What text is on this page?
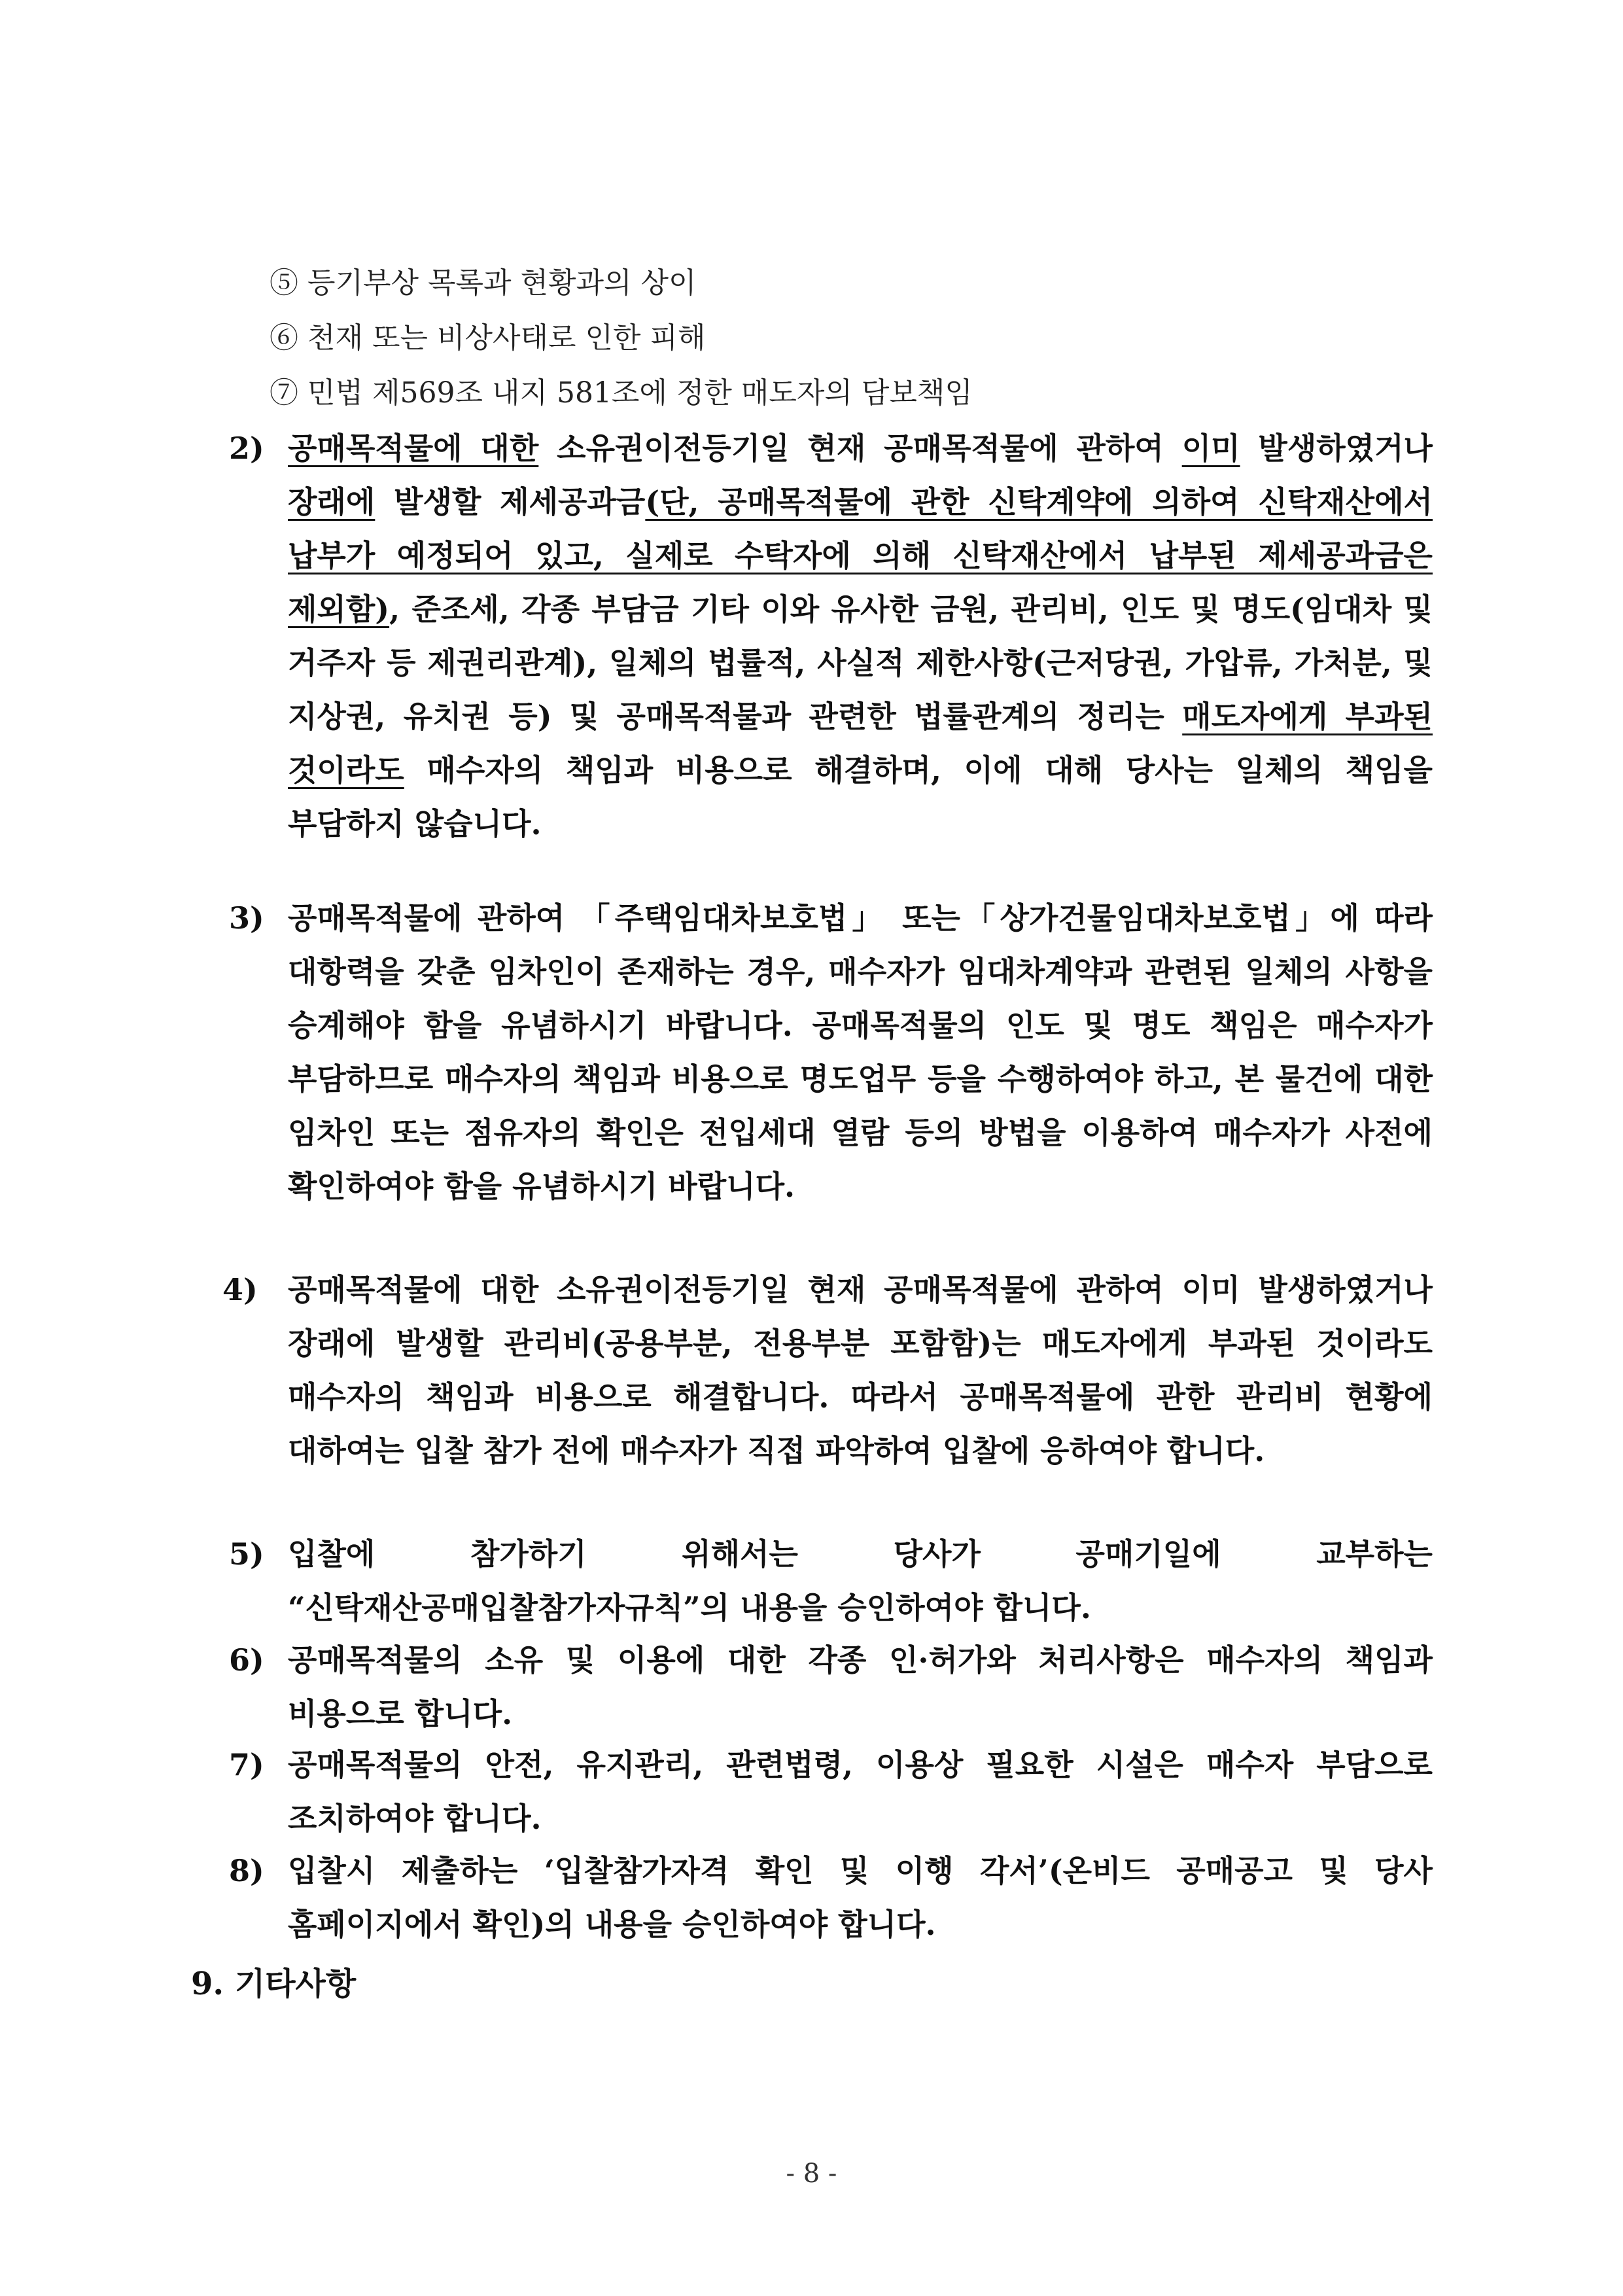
⑤ 등기부상 목록과 현황과의 상이
⑥ 천재 또는 비상사태로 인한 피해
⑦ 민법 제569조 내지 581조에 정한 매도자의 담보책임
2) 공매목적물에 대한 소유권이전등기일 현재 공매목적물에 관하여 이미 발생하였거나 장래에 발생할 제세공과금(단, 공매목적물에 관한 신탁계약에 의하여 신탁재산에서 납부가 예정되어 있고, 실제로 수탁자에 의해 신탁재산에서 납부된 제세공과금은 제외함), 준조세, 각종 부담금 기타 이와 유사한 금원, 관리비, 인도 및 명도(임대차 및 거주자 등 제권리관계), 일체의 법률적, 사실적 제한사항(근저당권, 가압류, 가처분, 및 지상권, 유치권 등) 및 공매목적물과 관련한 법률관계의 정리는 매도자에게 부과된 것이라도 매수자의 책임과 비용으로 해결하며, 이에 대해 당사는 일체의 책임을 부담하지 않습니다.
3) 공매목적물에 관하여 「주택임대차보호법」 또는「상가건물임대차보호법」에 따라 대항력을 갖춘 임차인이 존재하는 경우, 매수자가 임대차계약과 관련된 일체의 사항을 승계해야 함을 유념하시기 바랍니다. 공매목적물의 인도 및 명도 책임은 매수자가 부담하므로 매수자의 책임과 비용으로 명도업무 등을 수행하여야 하고, 본 물건에 대한 임차인 또는 점유자의 확인은 전입세대 열람 등의 방법을 이용하여 매수자가 사전에 확인하여야 함을 유념하시기 바랍니다.
4)	공매목적물에 대한 소유권이전등기일 현재 공매목적물에 관하여 이미 발생하였거나 장래에 발생할 관리비(공용부분, 전용부분 포함함)는 매도자에게 부과된 것이라도 매수자의 책임과 비용으로 해결합니다. 따라서 공매목적물에 관한 관리비 현황에 대하여는 입찰 참가 전에 매수자가 직접 파악하여 입찰에 응하여야 합니다.
5) 입찰에 참가하기 위해서는 당사가 공매기일에 교부하는 “신탁재산공매입찰참가자규칙”의 내용을 승인하여야 합니다.
6) 공매목적물의 소유 및 이용에 대한 각종 인·허가와 처리사항은 매수자의 책임과 비용으로 합니다.
7) 공매목적물의 안전, 유지관리, 관련법령, 이용상 필요한 시설은 매수자 부담으로 조치하여야 합니다.
8) 입찰시 제출하는 ‘입찰참가자격 확인 및 이행 각서’(온비드 공매공고 및 당사 홈페이지에서 확인)의 내용을 승인하여야 합니다.
9. 기타사항
- 8 -
